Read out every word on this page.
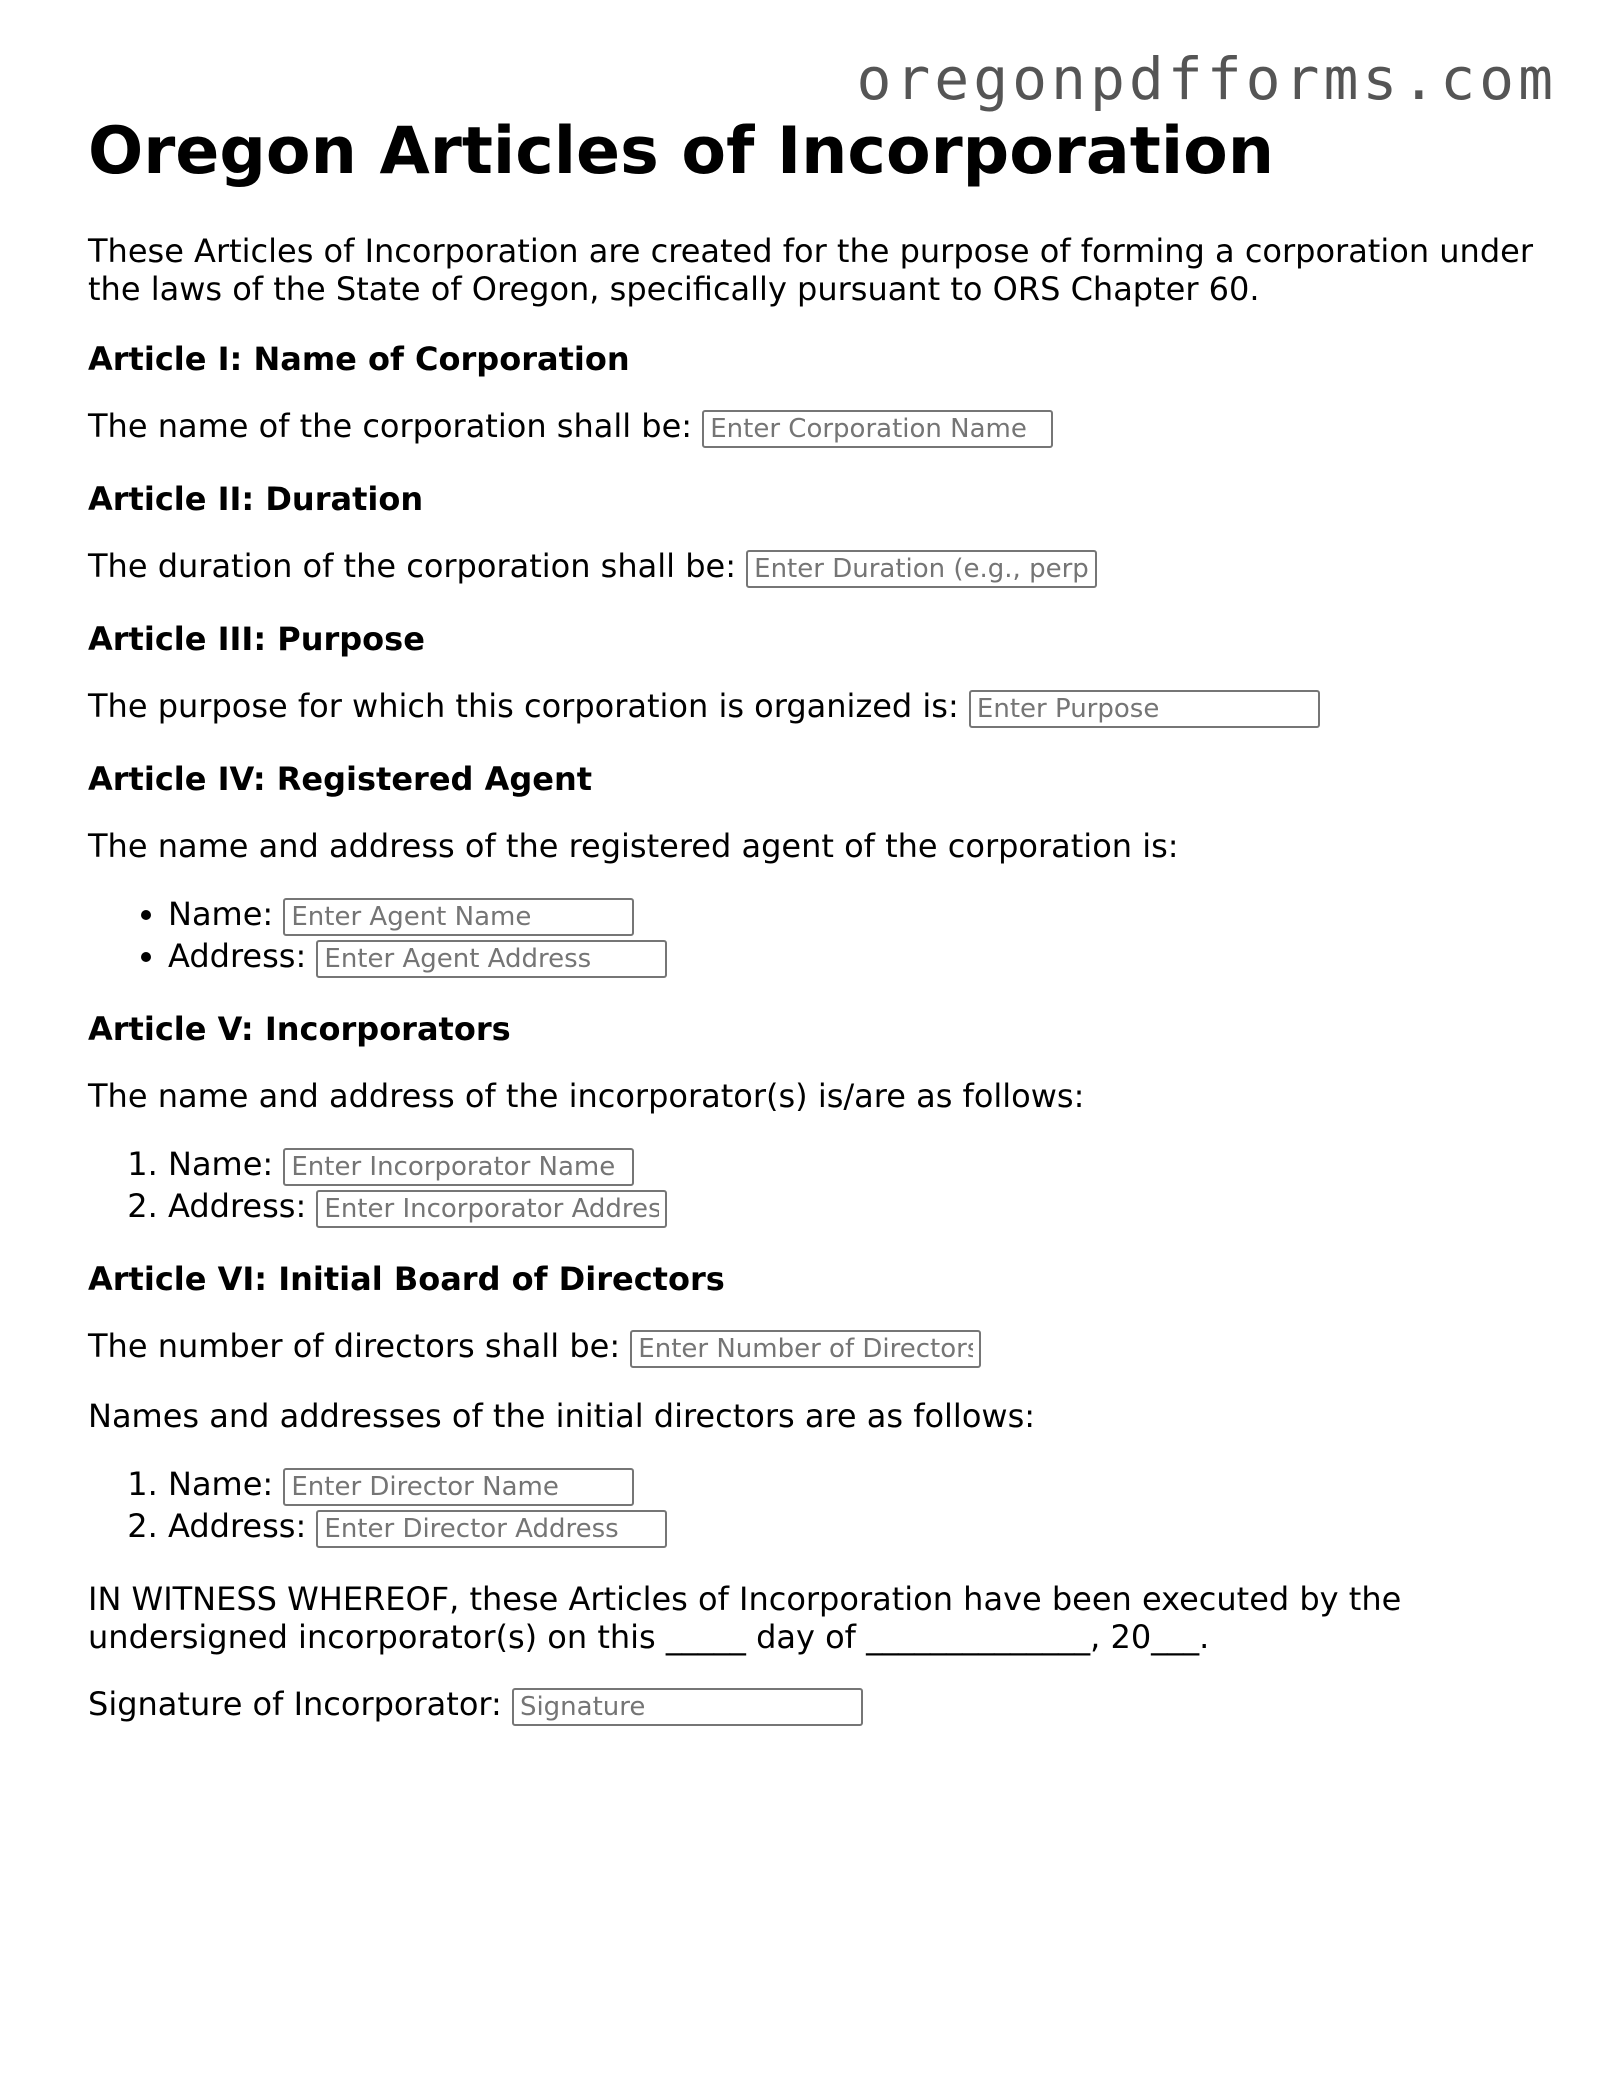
oregonpdfforms.com
Oregon Articles of Incorporation

These Articles of Incorporation are created for the purpose of forming a corporation under the laws of the State of Oregon, specifically pursuant to ORS Chapter 60.

Article I: Name of Corporation

The name of the corporation shall be: Enter Corporation Name

Article II: Duration

The duration of the corporation shall be: Enter Duration (e.g., perpetual)

Article III: Purpose

The purpose for which this corporation is organized is: Enter Purpose

Article IV: Registered Agent

The name and address of the registered agent of the corporation is:

• Name: Enter Agent Name
• Address: Enter Agent Address
Article V: Incorporators

The name and address of the incorporator(s) is/are as follows:

1. Name: Enter Incorporator Name
2. Address: Enter Incorporator Address
Article VI: Initial Board of Directors

The number of directors shall be: Enter Number of Directors

Names and addresses of the initial directors are as follows:

1. Name: Enter Director Name
2. Address: Enter Director Address

IN WITNESS WHEREOF, these Articles of Incorporation have been executed by the undersigned incorporator(s) on this _____ day of ______________, 20___.

Signature of Incorporator: Signature
